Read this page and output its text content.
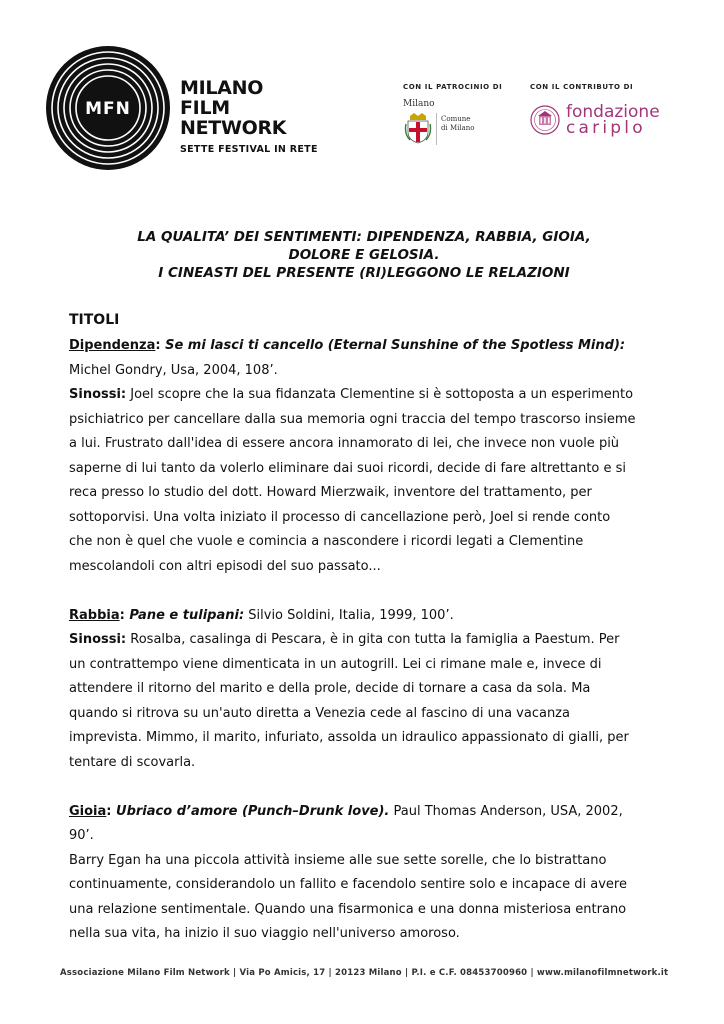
MFN
MILANO
FILM
NETWORK
SETTE FESTIVAL IN RETE
CON IL PATROCINIO DI	CON IL CONTRIBUTO DI
Milano
Comune
di Milano
fondazione
cariplo

LA QUALITA’ DEI SENTIMENTI: DIPENDENZA, RABBIA, GIOIA,
DOLORE E GELOSIA.
I CINEASTI DEL PRESENTE (RI)LEGGONO LE RELAZIONI

TITOLI

Dipendenza: Se mi lasci ti cancello (Eternal Sunshine of the Spotless Mind):

Michel Gondry, Usa, 2004, 108’.

Sinossi: Joel scopre che la sua fidanzata Clementine si è sottoposta a un esperimento
psichiatrico per cancellare dalla sua memoria ogni traccia del tempo trascorso insieme
a lui. Frustrato dall'idea di essere ancora innamorato di lei, che invece non vuole più
saperne di lui tanto da volerlo eliminare dai suoi ricordi, decide di fare altrettanto e si
reca presso lo studio del dott. Howard Mierzwaik, inventore del trattamento, per
sottoporvisi. Una volta iniziato il processo di cancellazione però, Joel si rende conto
che non è quel che vuole e comincia a nascondere i ricordi legati a Clementine
mescolandoli con altri episodi del suo passato...

Rabbia: Pane e tulipani: Silvio Soldini, Italia, 1999, 100’.

Sinossi: Rosalba, casalinga di Pescara, è in gita con tutta la famiglia a Paestum. Per
un contrattempo viene dimenticata in un autogrill. Lei ci rimane male e, invece di
attendere il ritorno del marito e della prole, decide di tornare a casa da sola. Ma
quando si ritrova su un'auto diretta a Venezia cede al fascino di una vacanza
imprevista. Mimmo, il marito, infuriato, assolda un idraulico appassionato di gialli, per
tentare di scovarla.

Gioia: Ubriaco d’amore (Punch–Drunk love). Paul Thomas Anderson, USA, 2002,

90’.

Barry Egan ha una piccola attività insieme alle sue sette sorelle, che lo bistrattano
continuamente, considerandolo un fallito e facendolo sentire solo e incapace di avere
una relazione sentimentale. Quando una fisarmonica e una donna misteriosa entrano
nella sua vita, ha inizio il suo viaggio nell'universo amoroso.

Associazione Milano Film Network | Via Po Amicis, 17 | 20123 Milano | P.I. e C.F. 08453700960 | www.milanofilmnetwork.it
